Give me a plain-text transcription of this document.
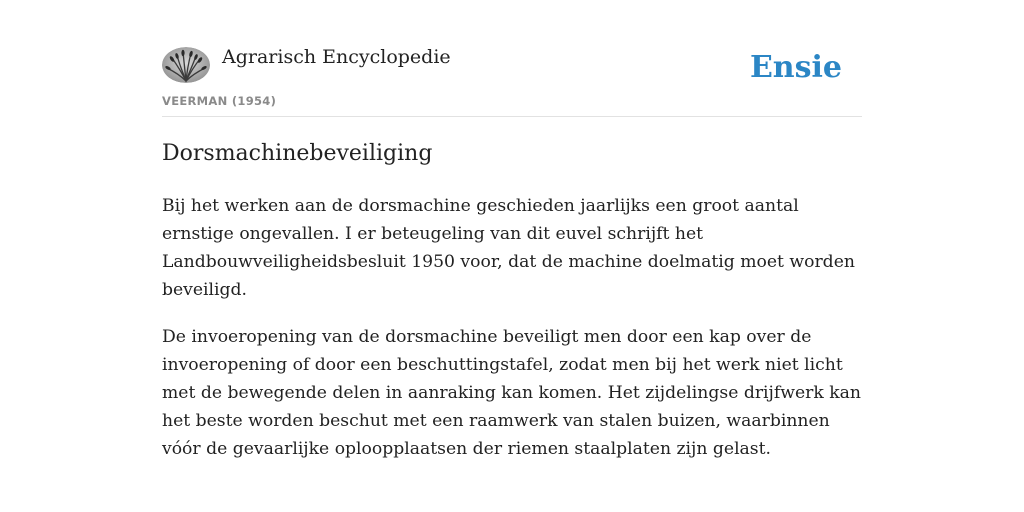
Agrarisch Encyclopedie
VEERMAN (1954)
Ensie
Dorsmachinebeveiliging

Bij het werken aan de dorsmachine geschieden jaarlijks een groot aantal ernstige ongevallen. I er beteugeling van dit euvel schrijft het Landbouwveiligheidsbesluit 1950 voor, dat de machine doelmatig moet worden beveiligd.

De invoeropening van de dorsmachine beveiligt men door een kap over de invoeropening of door een beschuttingstafel, zodat men bij het werk niet licht met de bewegende delen in aanraking kan komen. Het zijdelingse drijfwerk kan het beste worden beschut met een raamwerk van stalen buizen, waarbinnen vóór de gevaarlijke oploopplaatsen der riemen staalplaten zijn gelast.
